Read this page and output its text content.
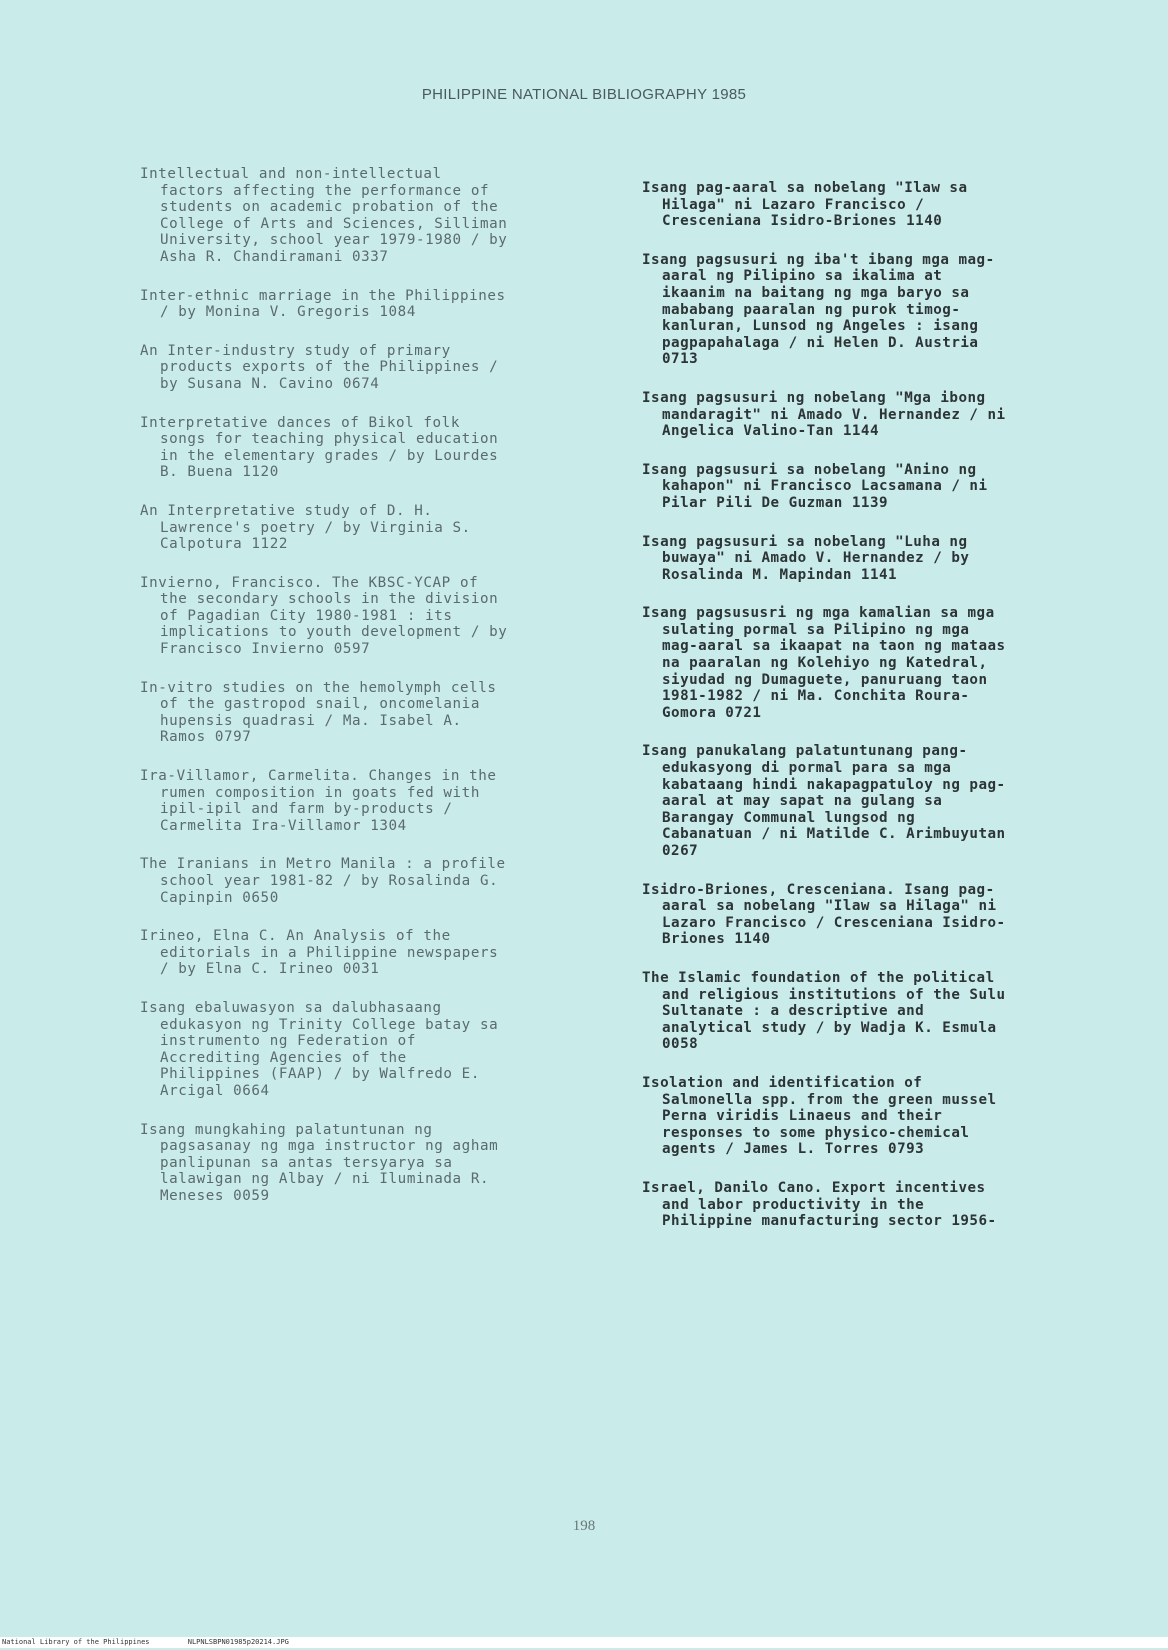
PHILIPPINE NATIONAL BIBLIOGRAPHY 1985
Intellectual and non-intellectual
factors affecting the performance of
students on academic probation of the
College of Arts and Sciences, Silliman
University, school year 1979-1980 / by
Asha R. Chandiramani 0337
Inter-ethnic marriage in the Philippines
/ by Monina V. Gregoris 1084
An Inter-industry study of primary
products exports of the Philippines /
by Susana N. Cavino 0674
Interpretative dances of Bikol folk
songs for teaching physical education
in the elementary grades / by Lourdes
B. Buena 1120
An Interpretative study of D. H.
Lawrence's poetry / by Virginia S.
Calpotura 1122
Invierno, Francisco. The KBSC-YCAP of
the secondary schools in the division
of Pagadian City 1980-1981 : its
implications to youth development / by
Francisco Invierno 0597
In-vitro studies on the hemolymph cells
of the gastropod snail, oncomelania
hupensis quadrasi / Ma. Isabel A.
Ramos 0797
Ira-Villamor, Carmelita. Changes in the
rumen composition in goats fed with
ipil-ipil and farm by-products /
Carmelita Ira-Villamor 1304
The Iranians in Metro Manila : a profile
school year 1981-82 / by Rosalinda G.
Capinpin 0650
Irineo, Elna C. An Analysis of the
editorials in a Philippine newspapers
/ by Elna C. Irineo 0031
Isang ebaluwasyon sa dalubhasaang
edukasyon ng Trinity College batay sa
instrumento ng Federation of
Accrediting Agencies of the
Philippines (FAAP) / by Walfredo E.
Arcigal 0664
Isang mungkahing palatuntunan ng
pagsasanay ng mga instructor ng agham
panlipunan sa antas tersyarya sa
lalawigan ng Albay / ni Iluminada R.
Meneses 0059
Isang pag-aaral sa nobelang "Ilaw sa
Hilaga" ni Lazaro Francisco /
Cresceniana Isidro-Briones 1140
Isang pagsusuri ng iba't ibang mga mag-
aaral ng Pilipino sa ikalima at
ikaanim na baitang ng mga baryo sa
mababang paaralan ng purok timog-
kanluran, Lunsod ng Angeles : isang
pagpapahalaga / ni Helen D. Austria
0713
Isang pagsusuri ng nobelang "Mga ibong
mandaragit" ni Amado V. Hernandez / ni
Angelica Valino-Tan 1144
Isang pagsusuri sa nobelang "Anino ng
kahapon" ni Francisco Lacsamana / ni
Pilar Pili De Guzman 1139
Isang pagsusuri sa nobelang "Luha ng
buwaya" ni Amado V. Hernandez / by
Rosalinda M. Mapindan 1141
Isang pagsususri ng mga kamalian sa mga
sulating pormal sa Pilipino ng mga
mag-aaral sa ikaapat na taon ng mataas
na paaralan ng Kolehiyo ng Katedral,
siyudad ng Dumaguete, panuruang taon
1981-1982 / ni Ma. Conchita Roura-
Gomora 0721
Isang panukalang palatuntunang pang-
edukasyong di pormal para sa mga
kabataang hindi nakapagpatuloy ng pag-
aaral at may sapat na gulang sa
Barangay Communal lungsod ng
Cabanatuan / ni Matilde C. Arimbuyutan
0267
Isidro-Briones, Cresceniana. Isang pag-
aaral sa nobelang "Ilaw sa Hilaga" ni
Lazaro Francisco / Cresceniana Isidro-
Briones 1140
The Islamic foundation of the political
and religious institutions of the Sulu
Sultanate : a descriptive and
analytical study / by Wadja K. Esmula
0058
Isolation and identification of
Salmonella spp. from the green mussel
Perna viridis Linaeus and their
responses to some physico-chemical
agents / James L. Torres 0793
Israel, Danilo Cano. Export incentives
and labor productivity in the
Philippine manufacturing sector 1956-
198
National Library of the Philippines	NLPNLSBPN01985p20214.JPG
